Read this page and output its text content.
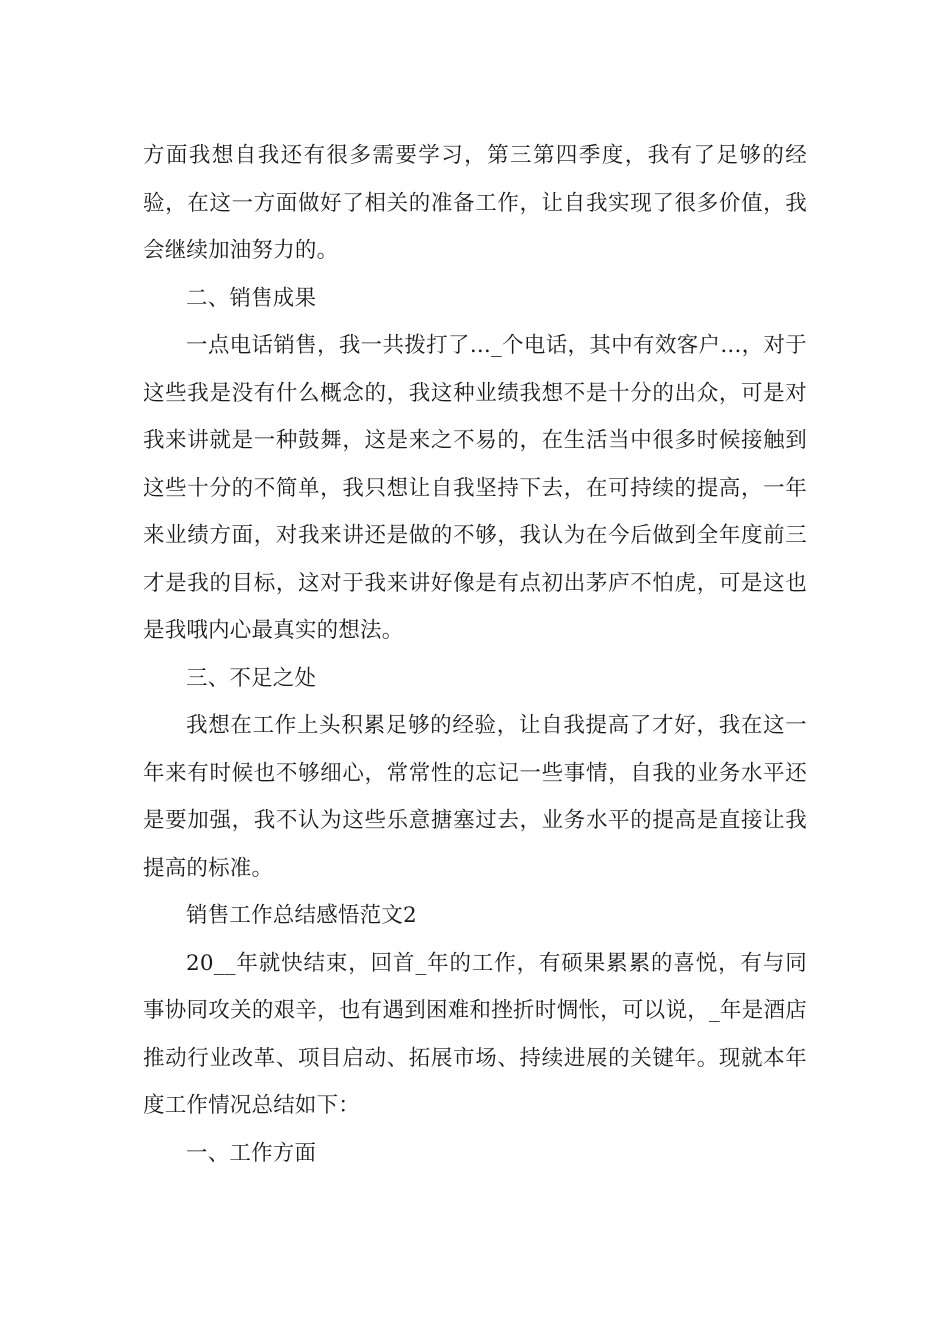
方面我想自我还有很多需要学习，第三第四季度，我有了足够的经验，在这一方面做好了相关的准备工作，让自我实现了很多价值，我会继续加油努力的。

二、销售成果

一点电话销售，我一共拨打了..._个电话，其中有效客户...，对于这些我是没有什么概念的，我这种业绩我想不是十分的出众，可是对我来讲就是一种鼓舞，这是来之不易的，在生活当中很多时候接触到这些十分的不简单，我只想让自我坚持下去，在可持续的提高，一年来业绩方面，对我来讲还是做的不够，我认为在今后做到全年度前三才是我的目标，这对于我来讲好像是有点初出茅庐不怕虎，可是这也是我哦内心最真实的想法。

三、不足之处

我想在工作上头积累足够的经验，让自我提高了才好，我在这一年来有时候也不够细心，常常性的忘记一些事情，自我的业务水平还是要加强，我不认为这些乐意搪塞过去，业务水平的提高是直接让我提高的标准。

销售工作总结感悟范文2

20__年就快结束，回首_年的工作，有硕果累累的喜悦，有与同事协同攻关的艰辛，也有遇到困难和挫折时惆怅，可以说，_年是酒店推动行业改革、项目启动、拓展市场、持续进展的关键年。现就本年度工作情况总结如下：

一、工作方面
